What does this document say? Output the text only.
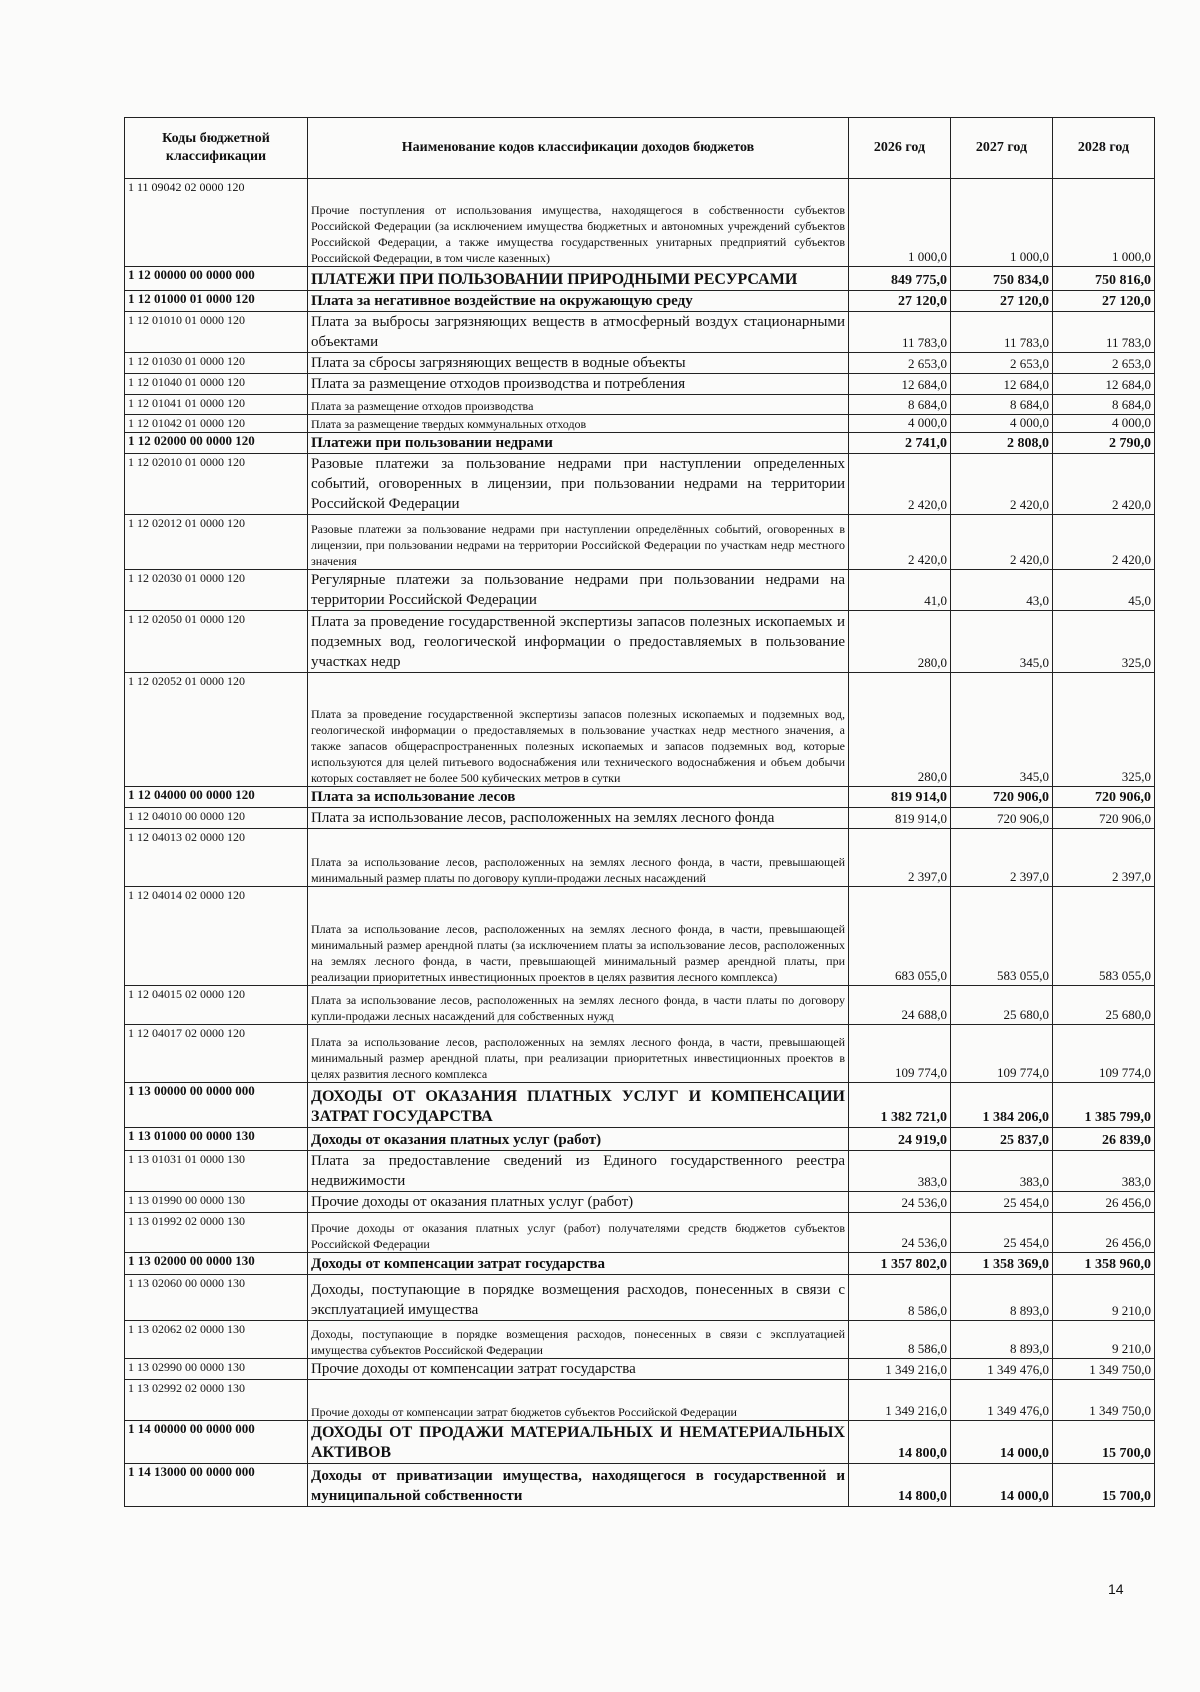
Коды бюджетной классификации	Наименование кодов классификации доходов бюджетов	2026 год	2027 год	2028 год
1 11 09042 02 0000 120	Прочие поступления от использования имущества, находящегося в собственности субъектов Российской Федерации (за исключением имущества бюджетных и автономных учреждений субъектов Российской Федерации, а также имущества государственных унитарных предприятий субъектов Российской Федерации, в том числе казенных)	1 000,0	1 000,0	1 000,0
1 12 00000 00 0000 000	ПЛАТЕЖИ ПРИ ПОЛЬЗОВАНИИ ПРИРОДНЫМИ РЕСУРСАМИ	849 775,0	750 834,0	750 816,0
1 12 01000 01 0000 120	Плата за негативное воздействие на окружающую среду	27 120,0	27 120,0	27 120,0
1 12 01010 01 0000 120	Плата за выбросы загрязняющих веществ в атмосферный воздух стационарными объектами	11 783,0	11 783,0	11 783,0
1 12 01030 01 0000 120	Плата за сбросы загрязняющих веществ в водные объекты	2 653,0	2 653,0	2 653,0
1 12 01040 01 0000 120	Плата за размещение отходов производства и потребления	12 684,0	12 684,0	12 684,0
1 12 01041 01 0000 120	Плата за размещение отходов производства	8 684,0	8 684,0	8 684,0
1 12 01042 01 0000 120	Плата за размещение твердых коммунальных отходов	4 000,0	4 000,0	4 000,0
1 12 02000 00 0000 120	Платежи при пользовании недрами	2 741,0	2 808,0	2 790,0
1 12 02010 01 0000 120	Разовые платежи за пользование недрами при наступлении определенных событий, оговоренных в лицензии, при пользовании недрами на территории Российской Федерации	2 420,0	2 420,0	2 420,0
1 12 02012 01 0000 120	Разовые платежи за пользование недрами при наступлении определённых событий, оговоренных в лицензии, при пользовании недрами на территории Российской Федерации по участкам недр местного значения	2 420,0	2 420,0	2 420,0
1 12 02030 01 0000 120	Регулярные платежи за пользование недрами при пользовании недрами на территории Российской Федерации	41,0	43,0	45,0
1 12 02050 01 0000 120	Плата за проведение государственной экспертизы запасов полезных ископаемых и подземных вод, геологической информации о предоставляемых в пользование участках недр	280,0	345,0	325,0
1 12 02052 01 0000 120	Плата за проведение государственной экспертизы запасов полезных ископаемых и подземных вод, геологической информации о предоставляемых в пользование участках недр местного значения, а также запасов общераспространенных полезных ископаемых и запасов подземных вод, которые используются для целей питьевого водоснабжения или технического водоснабжения и объем добычи которых составляет не более 500 кубических метров в сутки	280,0	345,0	325,0
1 12 04000 00 0000 120	Плата за использование лесов	819 914,0	720 906,0	720 906,0
1 12 04010 00 0000 120	Плата за использование лесов, расположенных на землях лесного фонда	819 914,0	720 906,0	720 906,0
1 12 04013 02 0000 120	Плата за использование лесов, расположенных на землях лесного фонда, в части, превышающей минимальный размер платы по договору купли-продажи лесных насаждений	2 397,0	2 397,0	2 397,0
1 12 04014 02 0000 120	Плата за использование лесов, расположенных на землях лесного фонда, в части, превышающей минимальный размер арендной платы (за исключением платы за использование лесов, расположенных на землях лесного фонда, в части, превышающей минимальный размер арендной платы, при реализации приоритетных инвестиционных проектов в целях развития лесного комплекса)	683 055,0	583 055,0	583 055,0
1 12 04015 02 0000 120	Плата за использование лесов, расположенных на землях лесного фонда, в части платы по договору купли-продажи лесных насаждений для собственных нужд	24 688,0	25 680,0	25 680,0
1 12 04017 02 0000 120	Плата за использование лесов, расположенных на землях лесного фонда, в части, превышающей минимальный размер арендной платы, при реализации приоритетных инвестиционных проектов в целях развития лесного комплекса	109 774,0	109 774,0	109 774,0
1 13 00000 00 0000 000	ДОХОДЫ ОТ ОКАЗАНИЯ ПЛАТНЫХ УСЛУГ И КОМПЕНСАЦИИ ЗАТРАТ ГОСУДАРСТВА	1 382 721,0	1 384 206,0	1 385 799,0
1 13 01000 00 0000 130	Доходы от оказания платных услуг (работ)	24 919,0	25 837,0	26 839,0
1 13 01031 01 0000 130	Плата за предоставление сведений из Единого государственного реестра недвижимости	383,0	383,0	383,0
1 13 01990 00 0000 130	Прочие доходы от оказания платных услуг (работ)	24 536,0	25 454,0	26 456,0
1 13 01992 02 0000 130	Прочие доходы от оказания платных услуг (работ) получателями средств бюджетов субъектов Российской Федерации	24 536,0	25 454,0	26 456,0
1 13 02000 00 0000 130	Доходы от компенсации затрат государства	1 357 802,0	1 358 369,0	1 358 960,0
1 13 02060 00 0000 130	Доходы, поступающие в порядке возмещения расходов, понесенных в связи с эксплуатацией имущества	8 586,0	8 893,0	9 210,0
1 13 02062 02 0000 130	Доходы, поступающие в порядке возмещения расходов, понесенных в связи с эксплуатацией имущества субъектов Российской Федерации	8 586,0	8 893,0	9 210,0
1 13 02990 00 0000 130	Прочие доходы от компенсации затрат государства	1 349 216,0	1 349 476,0	1 349 750,0
1 13 02992 02 0000 130	Прочие доходы от компенсации затрат бюджетов субъектов Российской Федерации	1 349 216,0	1 349 476,0	1 349 750,0
1 14 00000 00 0000 000	ДОХОДЫ ОТ ПРОДАЖИ МАТЕРИАЛЬНЫХ И НЕМАТЕРИАЛЬНЫХ АКТИВОВ	14 800,0	14 000,0	15 700,0
1 14 13000 00 0000 000	Доходы от приватизации имущества, находящегося в государственной и муниципальной собственности	14 800,0	14 000,0	15 700,0
14
